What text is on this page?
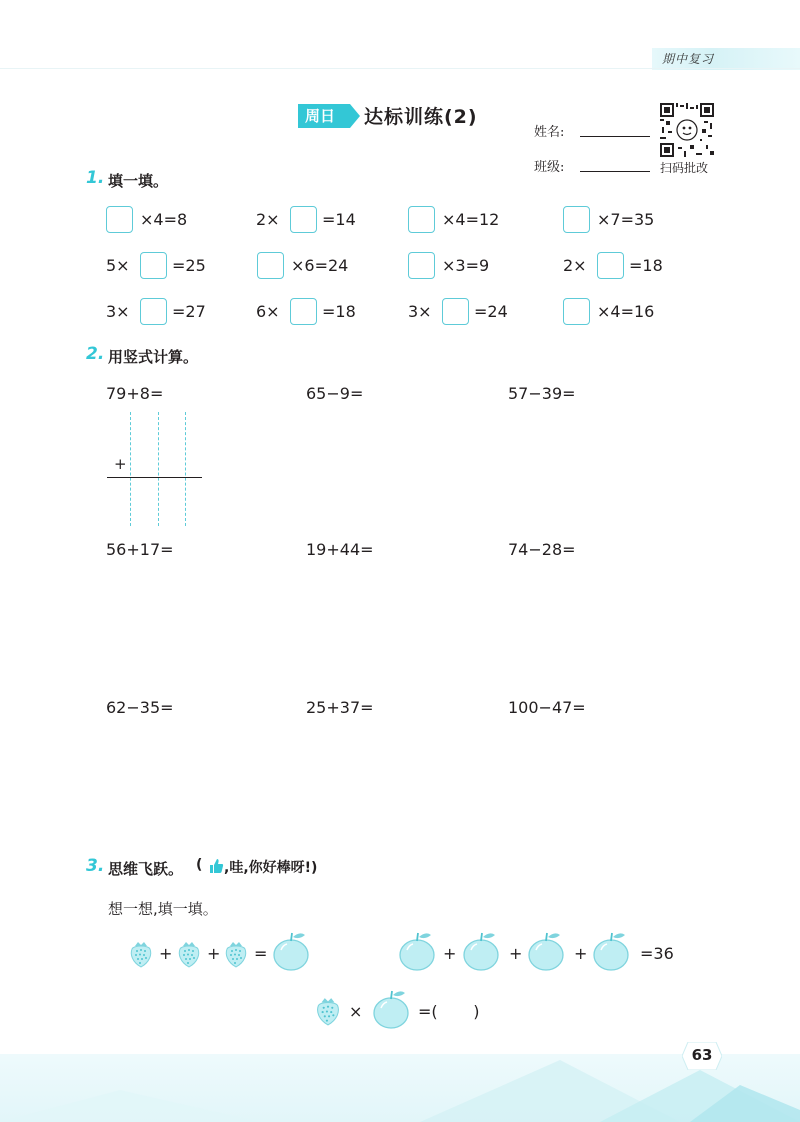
期中复习
周日	达标训练(2)
姓名:
班级:	扫码批改
1. 填一填。
×4=8	2×	=14	×4=12	×7=35
5×	=25	×6=24	×3=9	2×	=18
3×	=27	6×	=18	3×	=24	×4=16
2. 用竖式计算。
79+8=	65−9=	57−39=
+
56+17=	19+44=	74−28=
62−35=	25+37=	100−47=
3. 思维飞跃。 ( ,哇,你好棒呀!)
想一想,填一填。
+ + =	+	+	+	=36
×	=(       )
63
